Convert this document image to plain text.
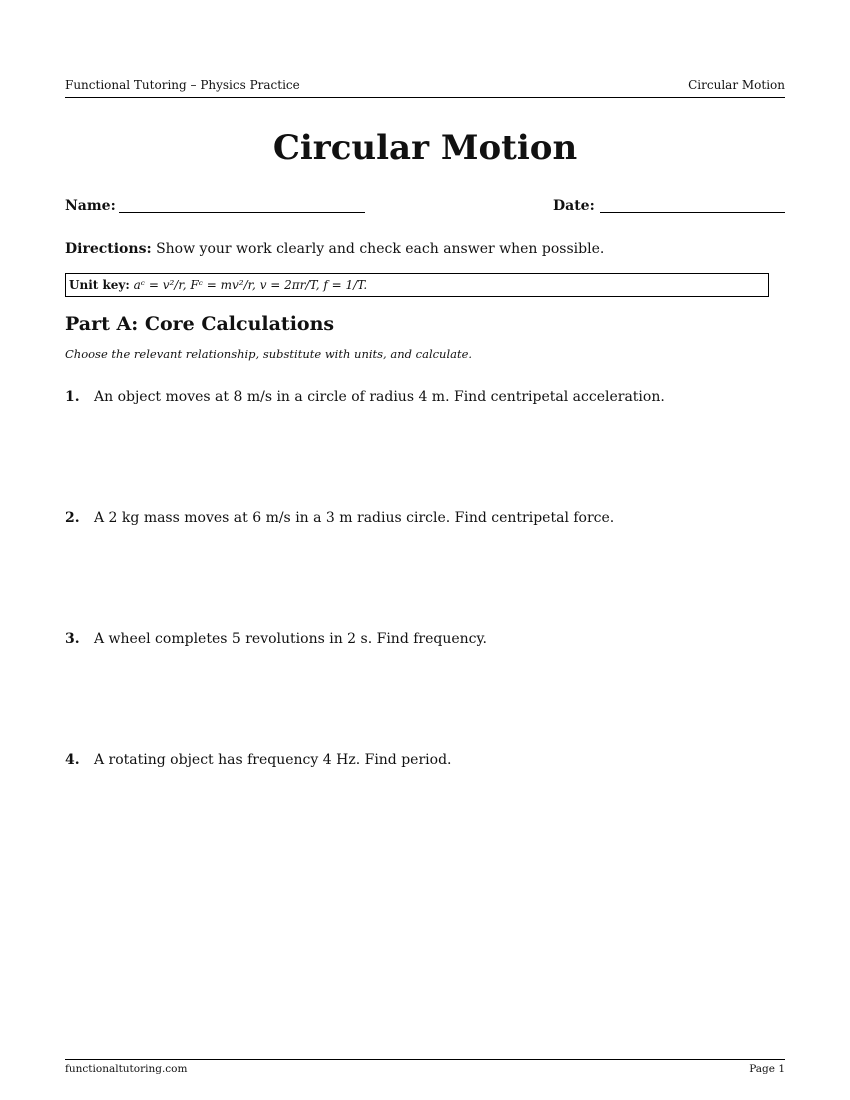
Functional Tutoring – Physics Practice	Circular Motion
Circular Motion
Name:	Date:
Directions: Show your work clearly and check each answer when possible.
Unit key: aᶜ = v²/r, Fᶜ = mv²/r, v = 2πr/T, f = 1/T.
Part A: Core Calculations
Choose the relevant relationship, substitute with units, and calculate.
1. An object moves at 8 m/s in a circle of radius 4 m. Find centripetal acceleration.
2. A 2 kg mass moves at 6 m/s in a 3 m radius circle. Find centripetal force.
3. A wheel completes 5 revolutions in 2 s. Find frequency.
4. A rotating object has frequency 4 Hz. Find period.
functionaltutoring.com	Page 1
